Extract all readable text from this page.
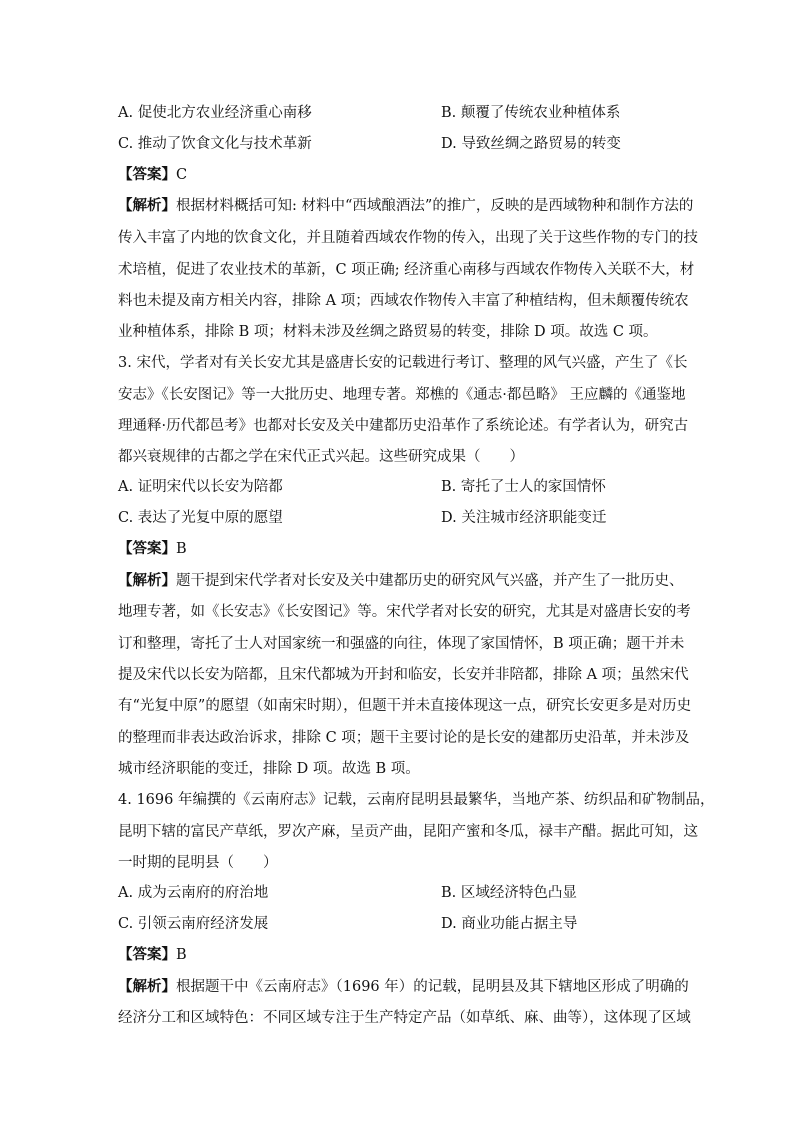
A. 促使北方农业经济重心南移	B. 颠覆了传统农业种植体系
C. 推动了饮食文化与技术革新	D. 导致丝绸之路贸易的转变
【答案】C
【解析】根据材料概括可知: 材料中“西域酿酒法”的推广，反映的是西域物种和制作方法的
传入丰富了内地的饮食文化，并且随着西域农作物的传入，出现了关于这些作物的专门的技
术培植，促进了农业技术的革新，C 项正确; 经济重心南移与西域农作物传入关联不大，材
料也未提及南方相关内容，排除 A 项；西域农作物传入丰富了种植结构，但未颠覆传统农
业种植体系，排除 B 项；材料未涉及丝绸之路贸易的转变，排除 D 项。故选 C 项。
3. 宋代，学者对有关长安尤其是盛唐长安的记载进行考订、整理的风气兴盛，产生了《长
安志》《长安图记》等一大批历史、地理专著。郑樵的《通志·都邑略》 王应麟的《通鉴地
理通释·历代都邑考》也都对长安及关中建都历史沿革作了系统论述。有学者认为，研究古
都兴衰规律的古都之学在宋代正式兴起。这些研究成果（　　）
A. 证明宋代以长安为陪都	B. 寄托了士人的家国情怀
C. 表达了光复中原的愿望	D. 关注城市经济职能变迁
【答案】B
【解析】题干提到宋代学者对长安及关中建都历史的研究风气兴盛，并产生了一批历史、
地理专著，如《长安志》《长安图记》等。宋代学者对长安的研究，尤其是对盛唐长安的考
订和整理，寄托了士人对国家统一和强盛的向往，体现了家国情怀，B 项正确；题干并未
提及宋代以长安为陪都，且宋代都城为开封和临安，长安并非陪都，排除 A 项；虽然宋代
有“光复中原”的愿望（如南宋时期），但题干并未直接体现这一点，研究长安更多是对历史
的整理而非表达政治诉求，排除 C 项；题干主要讨论的是长安的建都历史沿革，并未涉及
城市经济职能的变迁，排除 D 项。故选 B 项。
4. 1696 年编撰的《云南府志》记载，云南府昆明县最繁华，当地产茶、纺织品和矿物制品，
昆明下辖的富民产草纸，罗次产麻，呈贡产曲，昆阳产蜜和冬瓜，禄丰产醋。据此可知，这
一时期的昆明县（　　）
A. 成为云南府的府治地	B. 区域经济特色凸显
C. 引领云南府经济发展	D. 商业功能占据主导
【答案】B
【解析】根据题干中《云南府志》（1696 年）的记载，昆明县及其下辖地区形成了明确的
经济分工和区域特色：不同区域专注于生产特定产品（如草纸、麻、曲等），这体现了区域
